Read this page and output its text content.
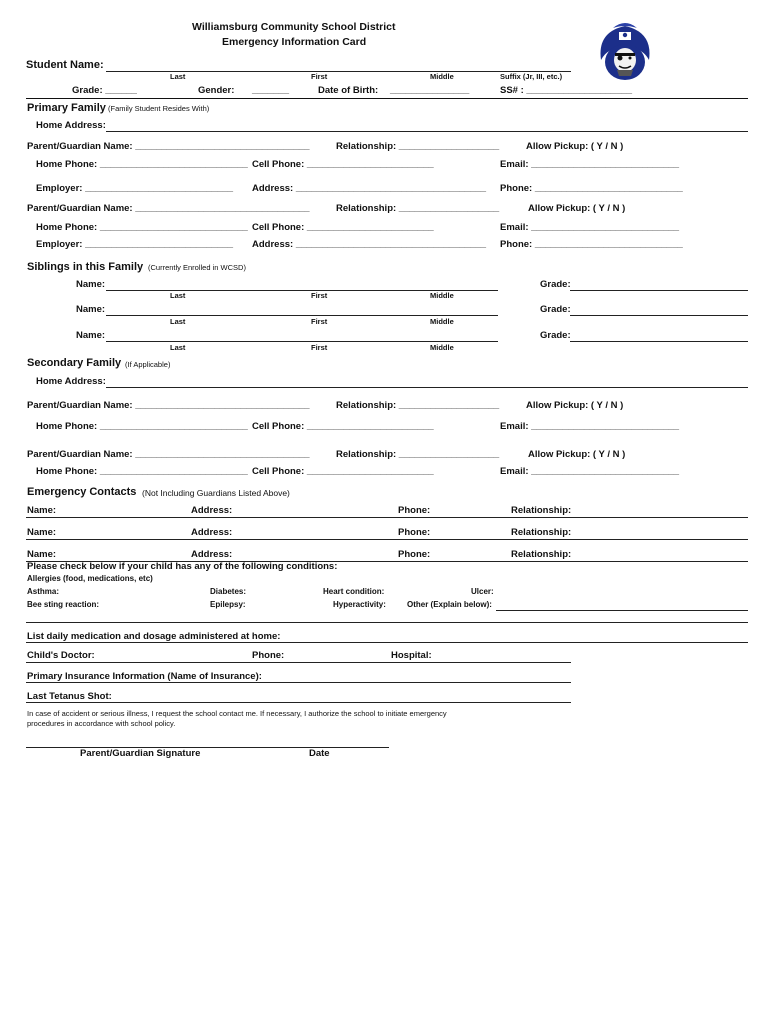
Williamsburg Community School District
Emergency Information Card
Student Name:
Last	First	Middle	Suffix (Jr, III, etc.)
Grade: ______	Gender: _______	Date of Birth: _______________	SS# : ____________________
Primary Family (Family Student Resides With)
Home Address:
Parent/Guardian Name: _________________________________	Relationship: ___________________	Allow Pickup: ( Y / N )
Home Phone: ____________________________ Cell Phone: ________________________	Email: ____________________________
Employer: ____________________________ Address: ____________________________________ Phone: ____________________________
Parent/Guardian Name: _________________________________	Relationship: ___________________	Allow Pickup: ( Y / N )
Home Phone: ____________________________ Cell Phone: ________________________	Email: ____________________________
Employer: ____________________________ Address: ____________________________________ Phone: ____________________________
Siblings in this Family (Currently Enrolled in WCSD)
Name:	Grade:
Last	First	Middle
Name:	Grade:
Last	First	Middle
Name:	Grade:
Last	First	Middle
Secondary Family (If Applicable)
Home Address:
Parent/Guardian Name: _________________________________	Relationship: ___________________	Allow Pickup: ( Y / N )
Home Phone: ____________________________ Cell Phone: ________________________	Email: ____________________________
Parent/Guardian Name: _________________________________	Relationship: ___________________	Allow Pickup: ( Y / N )
Home Phone: ____________________________ Cell Phone: ________________________	Email: ____________________________
Emergency Contacts (Not Including Guardians Listed Above)
Name:	Address:	Phone:	Relationship:
Name:	Address:	Phone:	Relationship:
Name:	Address:	Phone:	Relationship:
Please check below if your child has any of the following conditions:
Allergies (food, medications, etc)
Asthma:	Diabetes:	Heart condition:	Ulcer:
Bee sting reaction:	Epilepsy:	Hyperactivity:	Other (Explain below):
List daily medication and dosage administered at home:
Child's Doctor:	Phone:	Hospital:
Primary Insurance Information (Name of Insurance):
Last Tetanus Shot:
In case of accident or serious illness, I request the school contact me. If necessary, I authorize the school to initiate emergency
procedures in accordance with school policy.
Parent/Guardian Signature	Date
